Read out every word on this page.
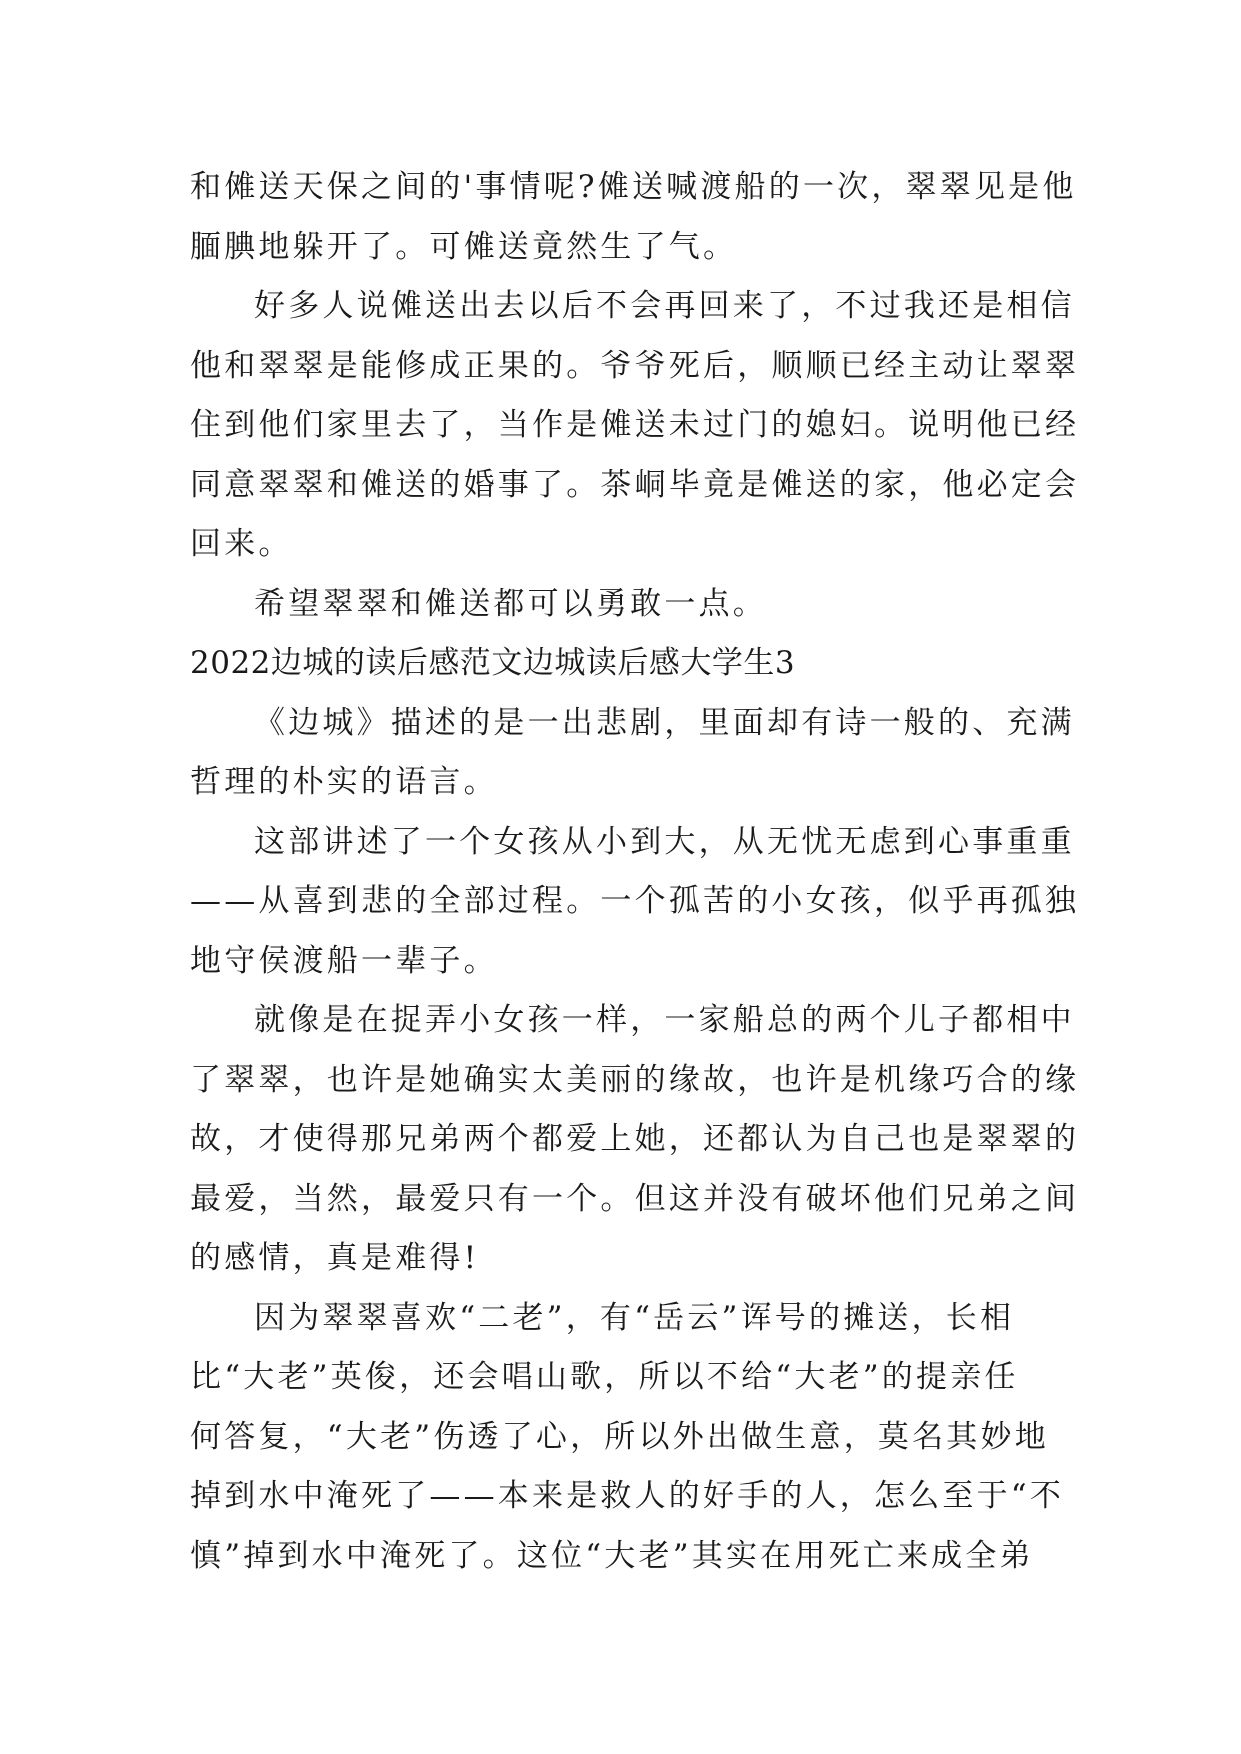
和傩送天保之间的'事情呢?傩送喊渡船的一次，翠翠见是他
腼腆地躲开了。可傩送竟然生了气。
好多人说傩送出去以后不会再回来了，不过我还是相信
他和翠翠是能修成正果的。爷爷死后，顺顺已经主动让翠翠
住到他们家里去了，当作是傩送未过门的媳妇。说明他已经
同意翠翠和傩送的婚事了。茶峒毕竟是傩送的家，他必定会
回来。
希望翠翠和傩送都可以勇敢一点。
2022边城的读后感范文边城读后感大学生3
《边城》描述的是一出悲剧，里面却有诗一般的、充满
哲理的朴实的语言。
这部讲述了一个女孩从小到大，从无忧无虑到心事重重
——从喜到悲的全部过程。一个孤苦的小女孩，似乎再孤独
地守侯渡船一辈子。
就像是在捉弄小女孩一样，一家船总的两个儿子都相中
了翠翠，也许是她确实太美丽的缘故，也许是机缘巧合的缘
故，才使得那兄弟两个都爱上她，还都认为自己也是翠翠的
最爱，当然，最爱只有一个。但这并没有破坏他们兄弟之间
的感情，真是难得!
因为翠翠喜欢“二老”，有“岳云”诨号的摊送，长相
比“大老”英俊，还会唱山歌，所以不给“大老”的提亲任
何答复，“大老”伤透了心，所以外出做生意，莫名其妙地
掉到水中淹死了——本来是救人的好手的人，怎么至于“不
慎”掉到水中淹死了。这位“大老”其实在用死亡来成全弟
